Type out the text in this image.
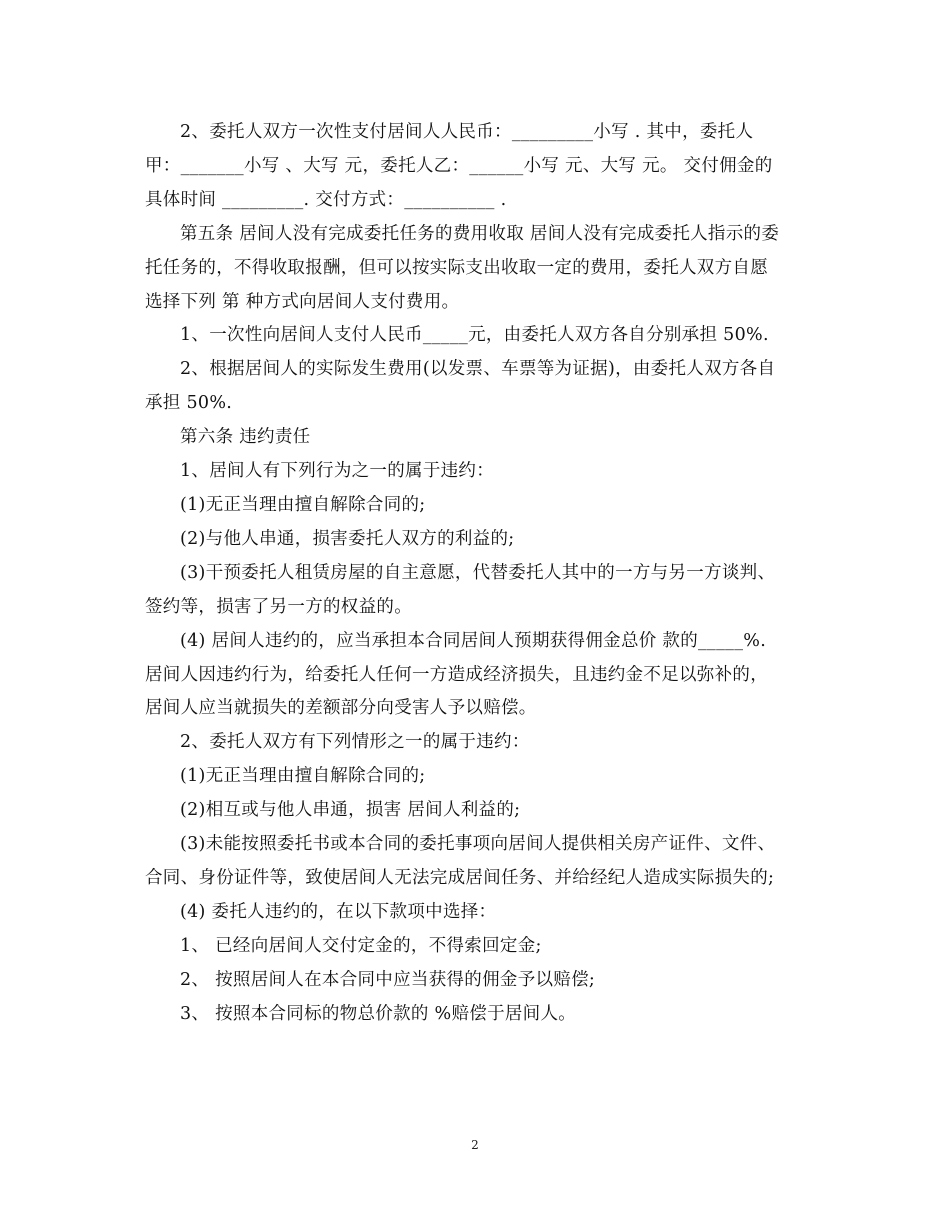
2、委托人双方一次性支付居间人人民币：_________小写 . 其中，委托人

甲：_______小写 、大写 元，委托人乙：______小写 元、大写 元。 交付佣金的

具体时间 _________. 交付方式：__________ .

第五条 居间人没有完成委托任务的费用收取 居间人没有完成委托人指示的委

托任务的，不得收取报酬，但可以按实际支出收取一定的费用，委托人双方自愿

选择下列 第 种方式向居间人支付费用。

1、一次性向居间人支付人民币_____元，由委托人双方各自分别承担 50%.

2、根据居间人的实际发生费用(以发票、车票等为证据)，由委托人双方各自

承担 50%.

第六条 违约责任

1、居间人有下列行为之一的属于违约：

(1)无正当理由擅自解除合同的;

(2)与他人串通，损害委托人双方的利益的;

(3)干预委托人租赁房屋的自主意愿，代替委托人其中的一方与另一方谈判、

签约等，损害了另一方的权益的。

(4) 居间人违约的，应当承担本合同居间人预期获得佣金总价 款的_____%.

居间人因违约行为，给委托人任何一方造成经济损失，且违约金不足以弥补的，

居间人应当就损失的差额部分向受害人予以赔偿。

2、委托人双方有下列情形之一的属于违约：

(1)无正当理由擅自解除合同的;

(2)相互或与他人串通，损害 居间人利益的;

(3)未能按照委托书或本合同的委托事项向居间人提供相关房产证件、文件、

合同、身份证件等，致使居间人无法完成居间任务、并给经纪人造成实际损失的;

(4) 委托人违约的，在以下款项中选择：

1、 已经向居间人交付定金的，不得索回定金;

2、 按照居间人在本合同中应当获得的佣金予以赔偿;

3、 按照本合同标的物总价款的 %赔偿于居间人。

2
